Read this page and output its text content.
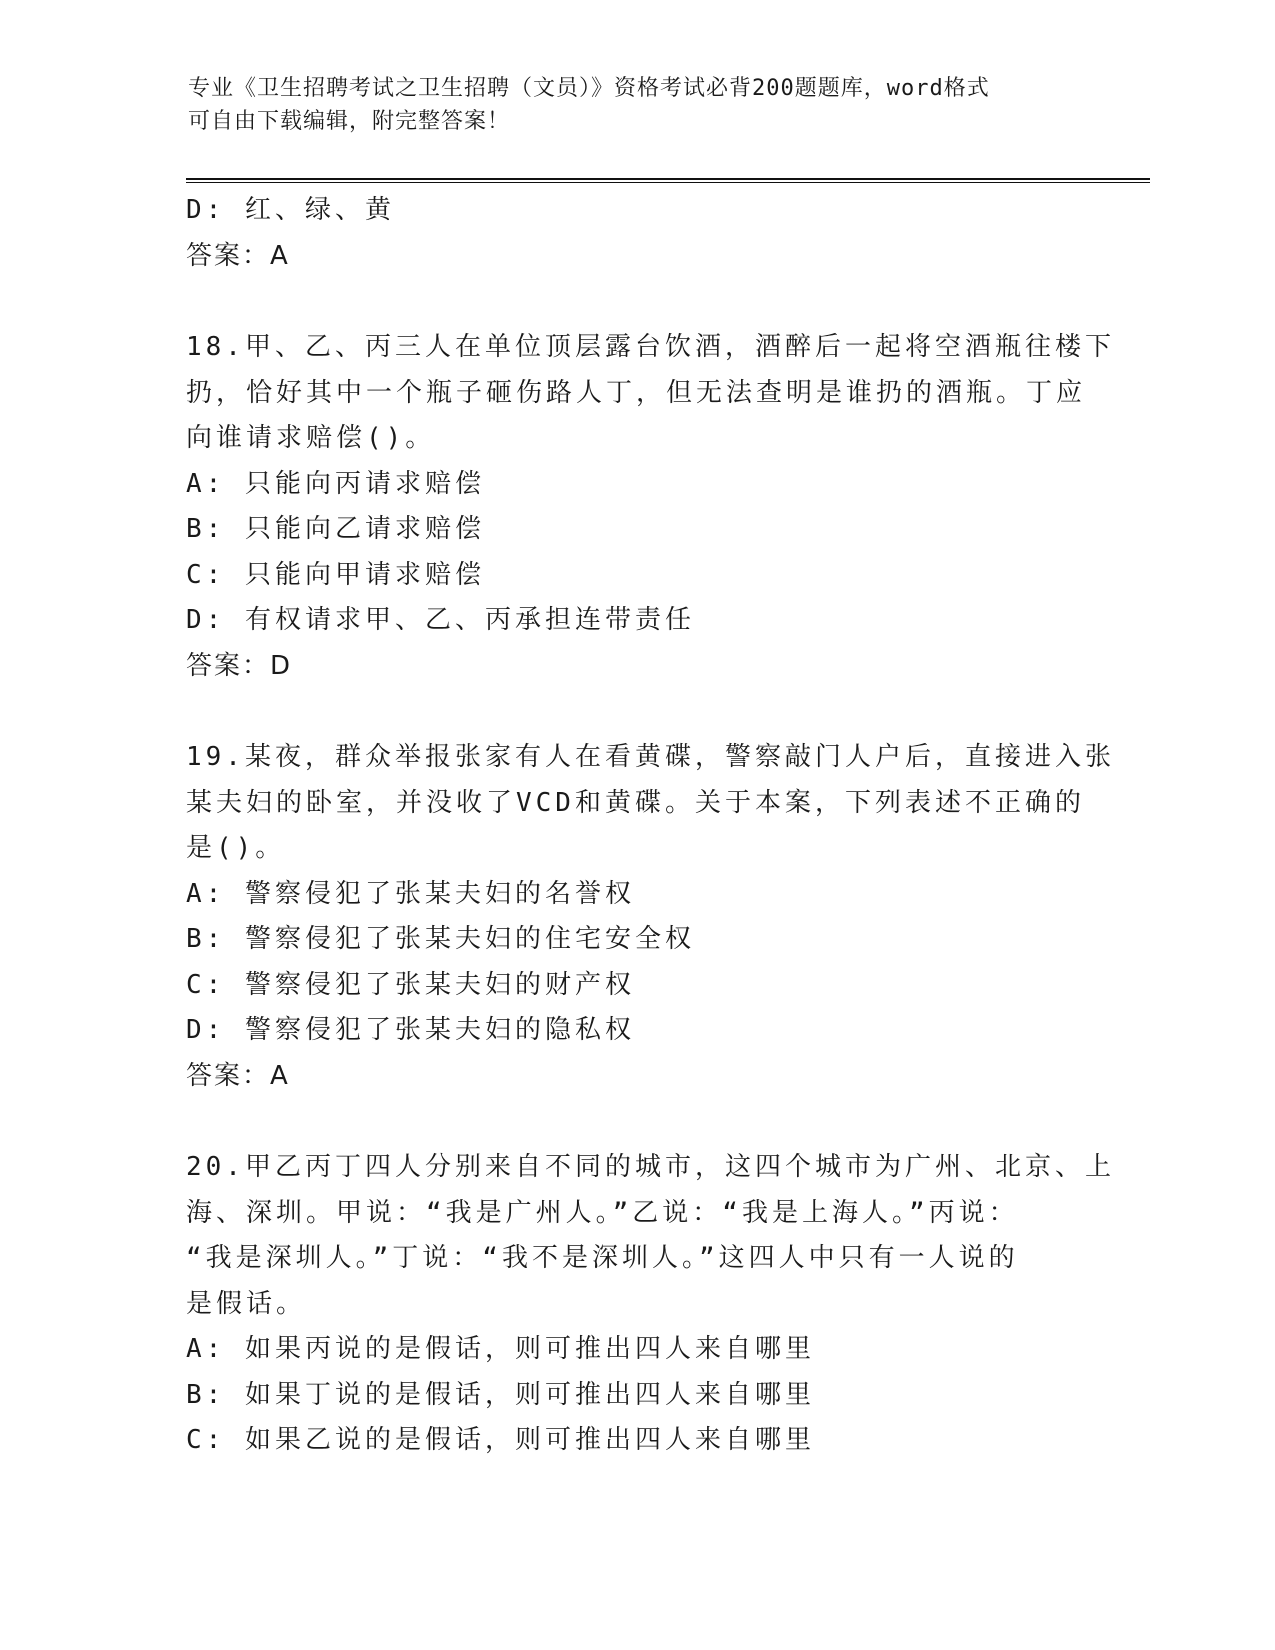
专业《卫生招聘考试之卫生招聘（文员）》资格考试必背200题题库，word格式
可自由下载编辑，附完整答案！
D: 红、绿、黄
答案：A
18.甲、乙、丙三人在单位顶层露台饮酒，酒醉后一起将空酒瓶往楼下
扔，恰好其中一个瓶子砸伤路人丁，但无法查明是谁扔的酒瓶。丁应
向谁请求赔偿()。
A: 只能向丙请求赔偿
B: 只能向乙请求赔偿
C: 只能向甲请求赔偿
D: 有权请求甲、乙、丙承担连带责任
答案：D
19.某夜，群众举报张家有人在看黄碟，警察敲门人户后，直接进入张
某夫妇的卧室，并没收了VCD和黄碟。关于本案，下列表述不正确的
是()。
A: 警察侵犯了张某夫妇的名誉权
B: 警察侵犯了张某夫妇的住宅安全权
C: 警察侵犯了张某夫妇的财产权
D: 警察侵犯了张某夫妇的隐私权
答案：A
20.甲乙丙丁四人分别来自不同的城市，这四个城市为广州、北京、上
海、深圳。甲说：“我是广州人。”乙说：“我是上海人。”丙说：
“我是深圳人。”丁说：“我不是深圳人。”这四人中只有一人说的
是假话。
A: 如果丙说的是假话，则可推出四人来自哪里
B: 如果丁说的是假话，则可推出四人来自哪里
C: 如果乙说的是假话，则可推出四人来自哪里
